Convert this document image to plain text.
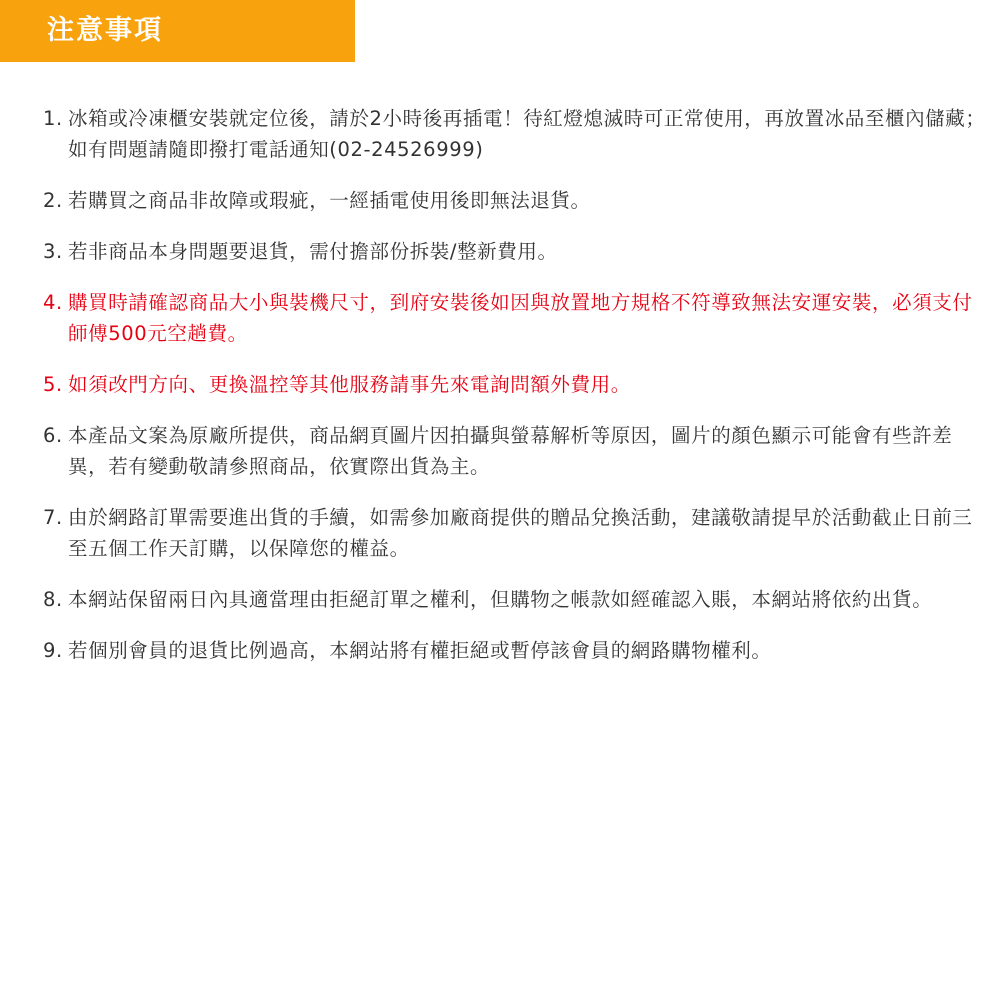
注意事項
1. 冰箱或冷凍櫃安裝就定位後，請於2小時後再插電！待紅燈熄滅時可正常使用，再放置冰品至櫃內儲藏；如有問題請隨即撥打電話通知(02-24526999)
2. 若購買之商品非故障或瑕疵，一經插電使用後即無法退貨。
3. 若非商品本身問題要退貨，需付擔部份拆裝/整新費用。
4. 購買時請確認商品大小與裝機尺寸，到府安裝後如因與放置地方規格不符導致無法安運安裝，必須支付師傅500元空趟費。
5. 如須改門方向、更換溫控等其他服務請事先來電詢問額外費用。
6. 本產品文案為原廠所提供，商品網頁圖片因拍攝與螢幕解析等原因，圖片的顏色顯示可能會有些許差異，若有變動敬請參照商品，依實際出貨為主。
7. 由於網路訂單需要進出貨的手續，如需參加廠商提供的贈品兌換活動，建議敬請提早於活動截止日前三至五個工作天訂購，以保障您的權益。
8. 本網站保留兩日內具適當理由拒絕訂單之權利，但購物之帳款如經確認入賬，本網站將依約出貨。
9. 若個別會員的退貨比例過高，本網站將有權拒絕或暫停該會員的網路購物權利。
